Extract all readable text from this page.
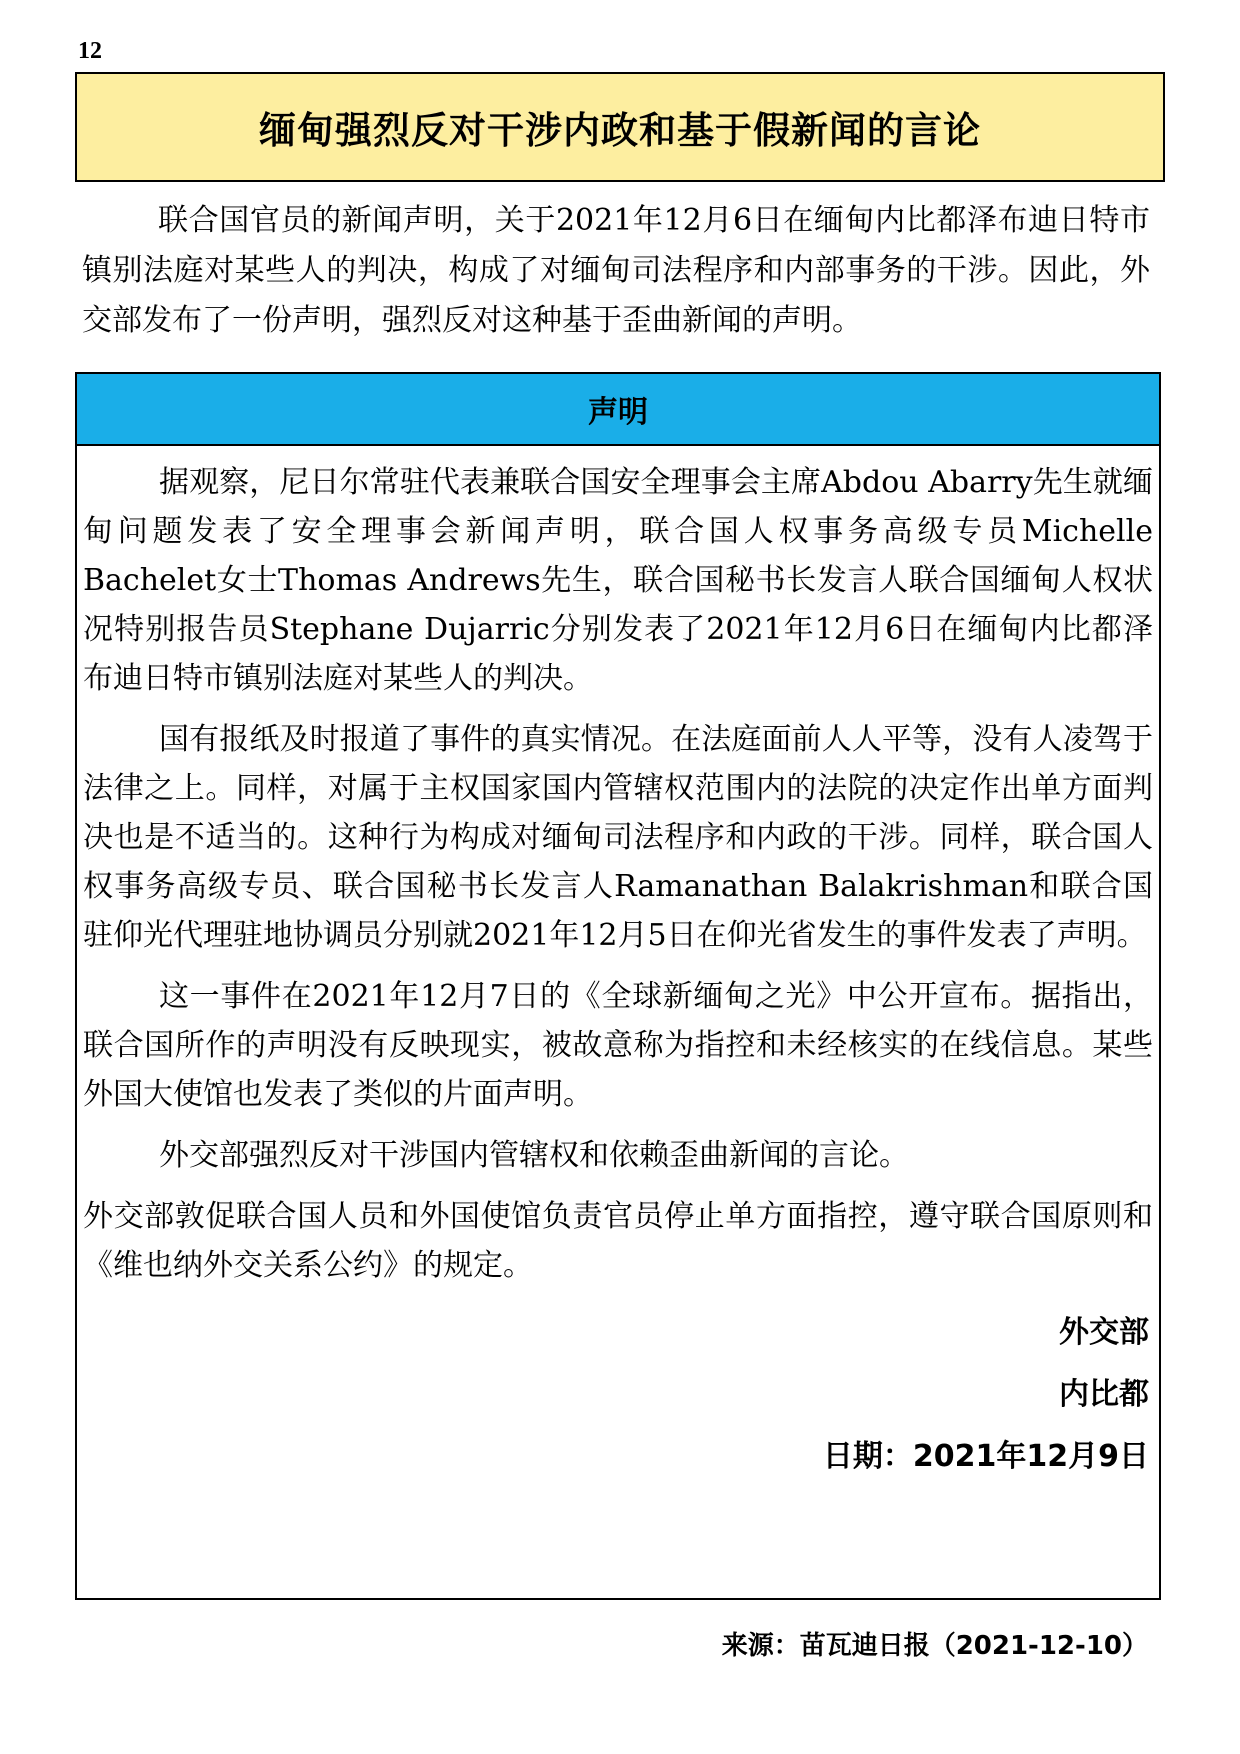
12
缅甸强烈反对干涉内政和基于假新闻的言论

联合国官员的新闻声明，关于2021年12月6日在缅甸内比都泽布迪日特市镇别法庭对某些人的判决，构成了对缅甸司法程序和内部事务的干涉。因此，外交部发布了一份声明，强烈反对这种基于歪曲新闻的声明。

声明

据观察，尼日尔常驻代表兼联合国安全理事会主席Abdou Abarry先生就缅甸问题发表了安全理事会新闻声明，联合国人权事务高级专员Michelle Bachelet女士Thomas Andrews先生，联合国秘书长发言人联合国缅甸人权状况特别报告员Stephane Dujarric分别发表了2021年12月6日在缅甸内比都泽布迪日特市镇别法庭对某些人的判决。

国有报纸及时报道了事件的真实情况。在法庭面前人人平等，没有人凌驾于法律之上。同样，对属于主权国家国内管辖权范围内的法院的决定作出单方面判决也是不适当的。这种行为构成对缅甸司法程序和内政的干涉。同样，联合国人权事务高级专员、联合国秘书长发言人Ramanathan Balakrishman和联合国驻仰光代理驻地协调员分别就2021年12月5日在仰光省发生的事件发表了声明。

这一事件在2021年12月7日的《全球新缅甸之光》中公开宣布。据指出，联合国所作的声明没有反映现实，被故意称为指控和未经核实的在线信息。某些外国大使馆也发表了类似的片面声明。

外交部强烈反对干涉国内管辖权和依赖歪曲新闻的言论。

外交部敦促联合国人员和外国使馆负责官员停止单方面指控，遵守联合国原则和《维也纳外交关系公约》的规定。

外交部
内比都
日期：2021年12月9日
来源：苗瓦迪日报（2021-12-10）
